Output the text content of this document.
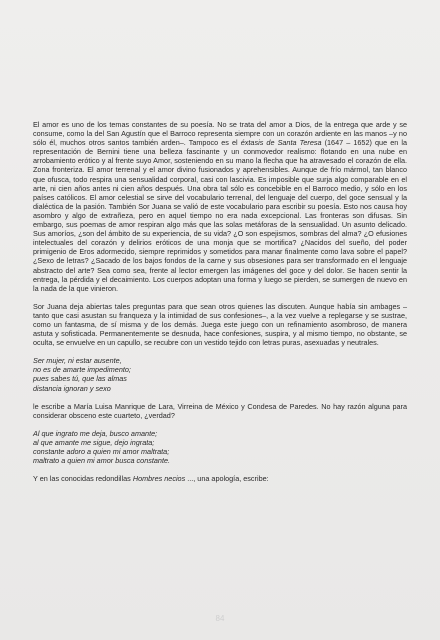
El amor es uno de los temas constantes de su poesía. No se trata del amor a Dios, de la entrega que arde y se consume, como la del San Agustín que el Barroco representa siempre con un corazón ardiente en las manos –y no sólo él, muchos otros santos también arden–. Tampoco es el éxtasis de Santa Teresa (1647 – 1652) que en la representación de Bernini tiene una belleza fascinante y un conmovedor realismo: flotando en una nube en arrobamiento erótico y al frente suyo Amor, sosteniendo en su mano la flecha que ha atravesado el corazón de ella. Zona fronteriza. El amor terrenal y el amor divino fusionados y aprehensibles. Aunque de frío mármol, tan blanco que ofusca, todo respira una sensualidad corporal, casi con lascivia. Es imposible que surja algo comparable en el arte, ni cien años antes ni cien años después. Una obra tal sólo es concebible en el Barroco medio, y sólo en los países católicos. El amor celestial se sirve del vocabulario terrenal, del lenguaje del cuerpo, del goce sensual y la dialéctica de la pasión. También Sor Juana se valió de este vocabulario para escribir su poesía. Esto nos causa hoy asombro y algo de extrañeza, pero en aquel tiempo no era nada excepcional. Las fronteras son difusas. Sin embargo, sus poemas de amor respiran algo más que las solas metáforas de la sensualidad. Un asunto delicado. Sus amoríos, ¿son del ámbito de su experiencia, de su vida? ¿O son espejismos, sombras del alma? ¿O efusiones intelectuales del corazón y delirios eróticos de una monja que se mortifica? ¿Nacidos del sueño, del poder primigenio de Eros adormecido, siempre reprimidos y sometidos para manar finalmente como lava sobre el papel? ¿Sexo de letras? ¿Sacado de los bajos fondos de la carne y sus obsesiones para ser transformado en el lenguaje abstracto del arte? Sea como sea, frente al lector emergen las imágenes del goce y del dolor. Se hacen sentir la entrega, la pérdida y el decaimiento. Los cuerpos adoptan una forma y luego se pierden, se sumergen de nuevo en la nada de la que vinieron.

Sor Juana deja abiertas tales preguntas para que sean otros quienes las discuten. Aunque había sin ambages –tanto que casi asustan su franqueza y la intimidad de sus confesiones–, a la vez vuelve a replegarse y se sustrae, como un fantasma, de sí misma y de los demás. Juega este juego con un refinamiento asombroso, de manera astuta y sofisticada. Permanentemente se desnuda, hace confesiones, suspira, y al mismo tiempo, no obstante, se oculta, se envuelve en un capullo, se recubre con un vestido tejido con letras puras, asexuadas y neutrales.

Ser mujer, ni estar ausente,
no es de amarte impedimento;
pues sabes tú, que las almas
distancia ignoran y sexo

le escribe a María Luisa Manrique de Lara, Virreina de México y Condesa de Paredes. No hay razón alguna para considerar obsceno este cuarteto, ¿verdad?

Al que ingrato me deja, busco amante;
al que amante me sigue, dejo ingrata;
constante adoro a quien mi amor maltrata;
maltrato a quien mi amor busca constante.

Y en las conocidas redondillas Hombres necios ..., una apología, escribe:

84
